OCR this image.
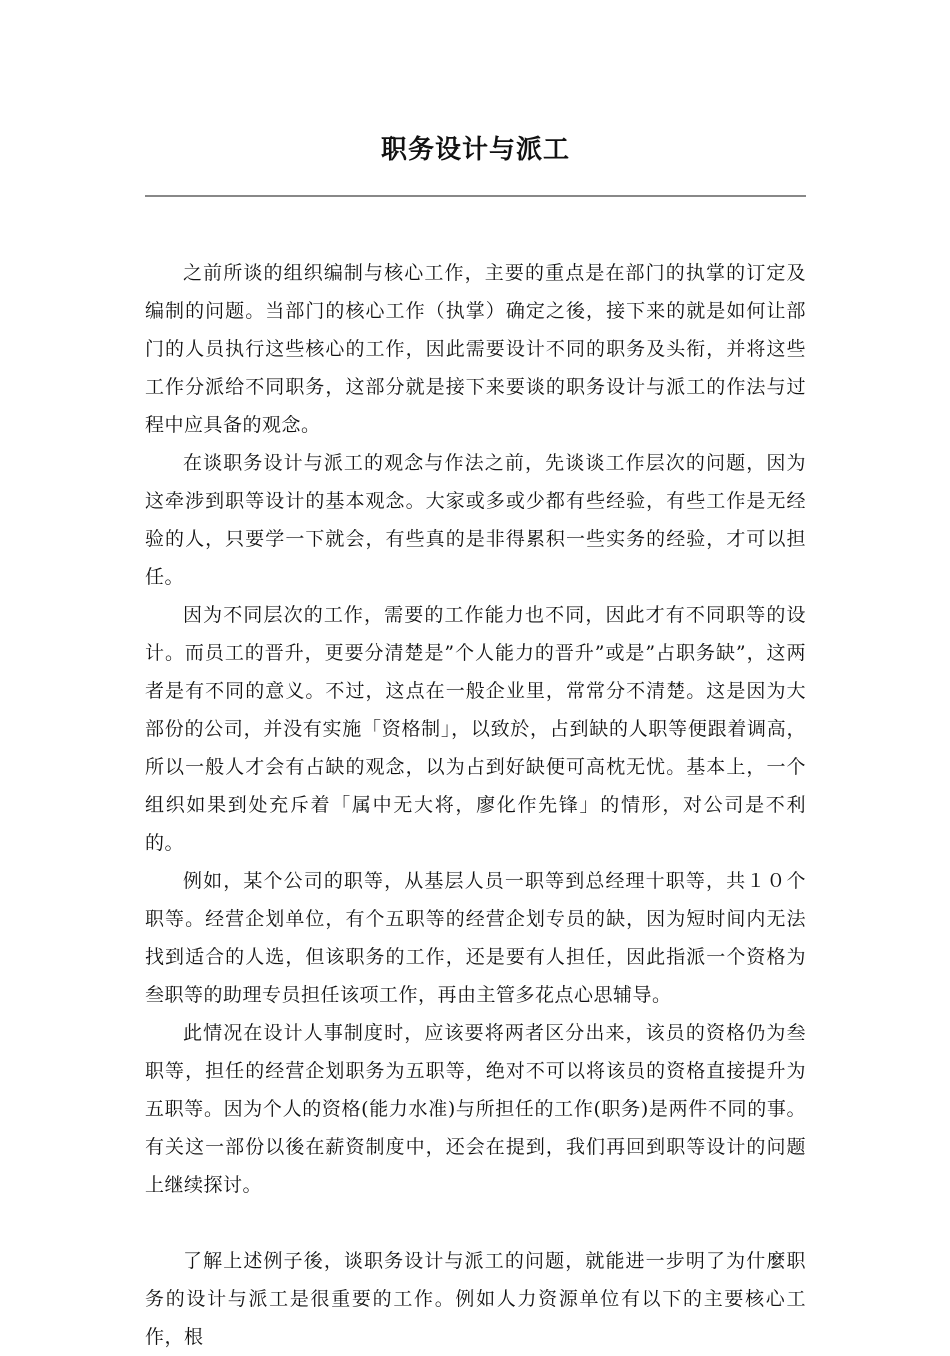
职务设计与派工

之前所谈的组织编制与核心工作，主要的重点是在部门的执掌的订定及编制的问题。当部门的核心工作（执掌）确定之後，接下来的就是如何让部门的人员执行这些核心的工作，因此需要设计不同的职务及头衔，并将这些工作分派给不同职务，这部分就是接下来要谈的职务设计与派工的作法与过程中应具备的观念。

在谈职务设计与派工的观念与作法之前，先谈谈工作层次的问题，因为这牵涉到职等设计的基本观念。大家或多或少都有些经验，有些工作是无经验的人，只要学一下就会，有些真的是非得累积一些实务的经验，才可以担任。

因为不同层次的工作，需要的工作能力也不同，因此才有不同职等的设计。而员工的晋升，更要分清楚是”个人能力的晋升”或是”占职务缺”，这两者是有不同的意义。不过，这点在一般企业里，常常分不清楚。这是因为大部份的公司，并没有实施「资格制」，以致於，占到缺的人职等便跟着调高，所以一般人才会有占缺的观念，以为占到好缺便可高枕无忧。基本上，一个组织如果到处充斥着「属中无大将，廖化作先锋」的情形，对公司是不利的。

例如，某个公司的职等，从基层人员一职等到总经理十职等，共１０个职等。经营企划单位，有个五职等的经营企划专员的缺，因为短时间内无法找到适合的人选，但该职务的工作，还是要有人担任，因此指派一个资格为叁职等的助理专员担任该项工作，再由主管多花点心思辅导。

此情况在设计人事制度时，应该要将两者区分出来，该员的资格仍为叁职等，担任的经营企划职务为五职等，绝对不可以将该员的资格直接提升为五职等。因为个人的资格(能力水准)与所担任的工作(职务)是两件不同的事。有关这一部份以後在薪资制度中，还会在提到，我们再回到职等设计的问题上继续探讨。

了解上述例子後，谈职务设计与派工的问题，就能进一步明了为什麼职务的设计与派工是很重要的工作。例如人力资源单位有以下的主要核心工作，根
